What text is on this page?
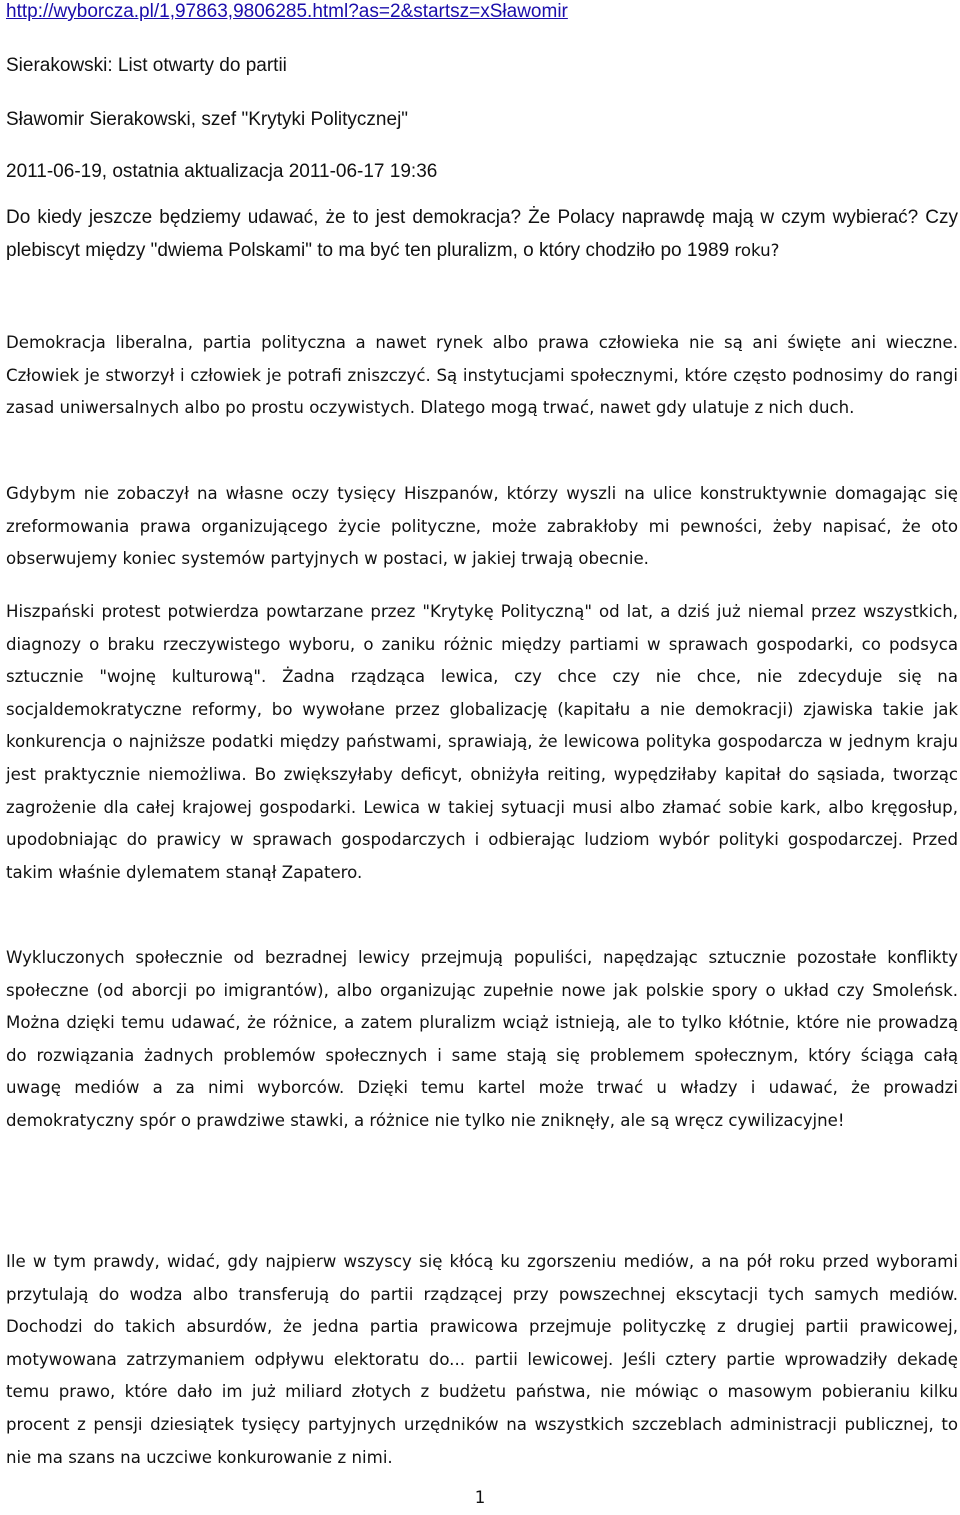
http://wyborcza.pl/1,97863,9806285.html?as=2&startsz=xSławomir
Sierakowski: List otwarty do partii
Sławomir Sierakowski, szef "Krytyki Politycznej"
2011-06-19, ostatnia aktualizacja 2011-06-17 19:36

Do kiedy jeszcze będziemy udawać, że to jest demokracja? Że Polacy naprawdę mają w czym wybierać? Czy plebiscyt między "dwiema Polskami" to ma być ten pluralizm, o który chodziło po 1989 roku?

Demokracja liberalna, partia polityczna a nawet rynek albo prawa człowieka nie są ani święte ani wieczne. Człowiek je stworzył i człowiek je potrafi zniszczyć. Są instytucjami społecznymi, które często podnosimy do rangi zasad uniwersalnych albo po prostu oczywistych. Dlatego mogą trwać, nawet gdy ulatuje z nich duch.

Gdybym nie zobaczył na własne oczy tysięcy Hiszpanów, którzy wyszli na ulice konstruktywnie domagając się zreformowania prawa organizującego życie polityczne, może zabrakłoby mi pewności, żeby napisać, że oto obserwujemy koniec systemów partyjnych w postaci, w jakiej trwają obecnie.

Hiszpański protest potwierdza powtarzane przez "Krytykę Polityczną" od lat, a dziś już niemal przez wszystkich, diagnozy o braku rzeczywistego wyboru, o zaniku różnic między partiami w sprawach gospodarki, co podsyca sztucznie "wojnę kulturową". Żadna rządząca lewica, czy chce czy nie chce, nie zdecyduje się na socjaldemokratyczne reformy, bo wywołane przez globalizację (kapitału a nie demokracji) zjawiska takie jak konkurencja o najniższe podatki między państwami, sprawiają, że lewicowa polityka gospodarcza w jednym kraju jest praktycznie niemożliwa. Bo zwiększyłaby deficyt, obniżyła reiting, wypędziłaby kapitał do sąsiada, tworząc zagrożenie dla całej krajowej gospodarki. Lewica w takiej sytuacji musi albo złamać sobie kark, albo kręgosłup, upodobniając do prawicy w sprawach gospodarczych i odbierając ludziom wybór polityki gospodarczej. Przed takim właśnie dylematem stanął Zapatero.

Wykluczonych społecznie od bezradnej lewicy przejmują populiści, napędzając sztucznie pozostałe konflikty społeczne (od aborcji po imigrantów), albo organizując zupełnie nowe jak polskie spory o układ czy Smoleńsk. Można dzięki temu udawać, że różnice, a zatem pluralizm wciąż istnieją, ale to tylko kłótnie, które nie prowadzą do rozwiązania żadnych problemów społecznych i same stają się problemem społecznym, który ściąga całą uwagę mediów a za nimi wyborców. Dzięki temu kartel może trwać u władzy i udawać, że prowadzi demokratyczny spór o prawdziwe stawki, a różnice nie tylko nie zniknęły, ale są wręcz cywilizacyjne!

Ile w tym prawdy, widać, gdy najpierw wszyscy się kłócą ku zgorszeniu mediów, a na pół roku przed wyborami przytulają do wodza albo transferują do partii rządzącej przy powszechnej ekscytacji tych samych mediów. Dochodzi do takich absurdów, że jedna partia prawicowa przejmuje polityczkę z drugiej partii prawicowej, motywowana zatrzymaniem odpływu elektoratu do... partii lewicowej. Jeśli cztery partie wprowadziły dekadę temu prawo, które dało im już miliard złotych z budżetu państwa, nie mówiąc o masowym pobieraniu kilku procent z pensji dziesiątek tysięcy partyjnych urzędników na wszystkich szczeblach administracji publicznej, to nie ma szans na uczciwe konkurowanie z nimi.

1
